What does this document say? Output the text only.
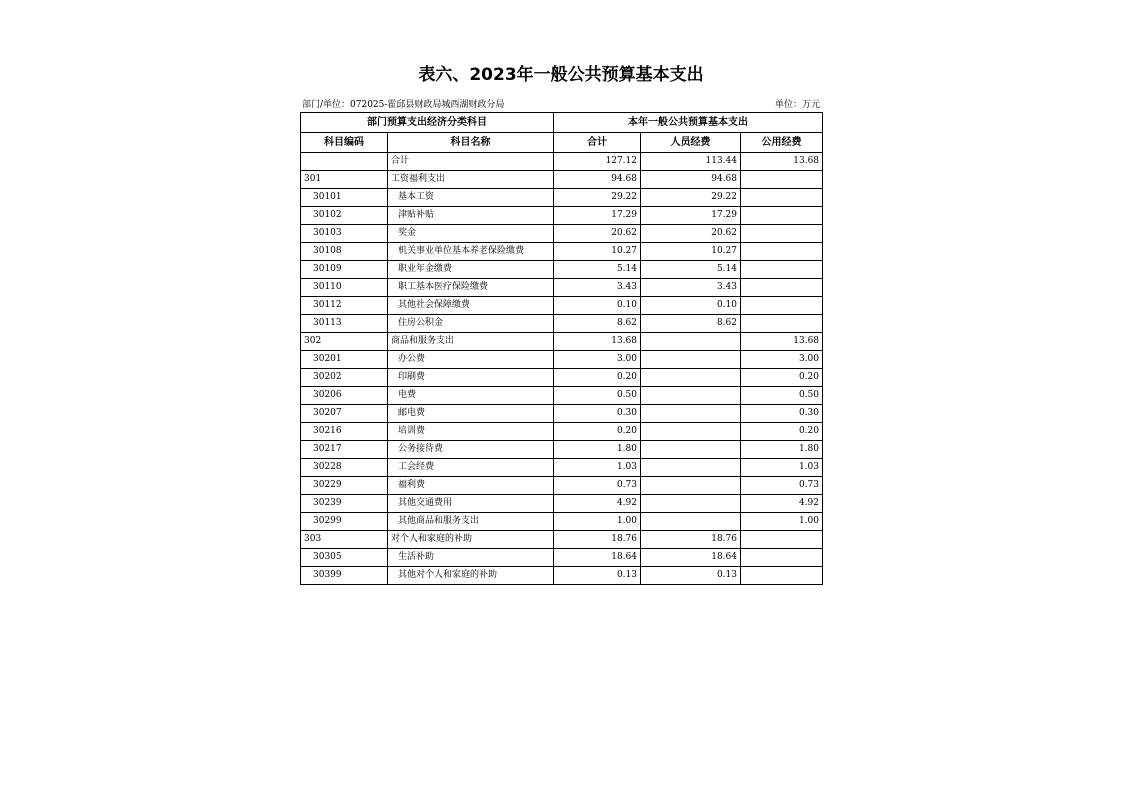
表六、2023年一般公共预算基本支出
部门/单位：072025-霍邱县财政局城西湖财政分局	单位：万元
部门预算支出经济分类科目		本年一般公共预算基本支出		
科目编码	科目名称	合计	人员经费	公用经费
	合计	127.12	113.44	13.68
301	工资福利支出	94.68	94.68	
30101	基本工资	29.22	29.22	
30102	津贴补贴	17.29	17.29	
30103	奖金	20.62	20.62	
30108	机关事业单位基本养老保险缴费	10.27	10.27	
30109	职业年金缴费	5.14	5.14	
30110	职工基本医疗保险缴费	3.43	3.43	
30112	其他社会保障缴费	0.10	0.10	
30113	住房公积金	8.62	8.62	
302	商品和服务支出	13.68		13.68
30201	办公费	3.00		3.00
30202	印刷费	0.20		0.20
30206	电费	0.50		0.50
30207	邮电费	0.30		0.30
30216	培训费	0.20		0.20
30217	公务接待费	1.80		1.80
30228	工会经费	1.03		1.03
30229	福利费	0.73		0.73
30239	其他交通费用	4.92		4.92
30299	其他商品和服务支出	1.00		1.00
303	对个人和家庭的补助	18.76	18.76	
30305	生活补助	18.64	18.64	
30399	其他对个人和家庭的补助	0.13	0.13	
